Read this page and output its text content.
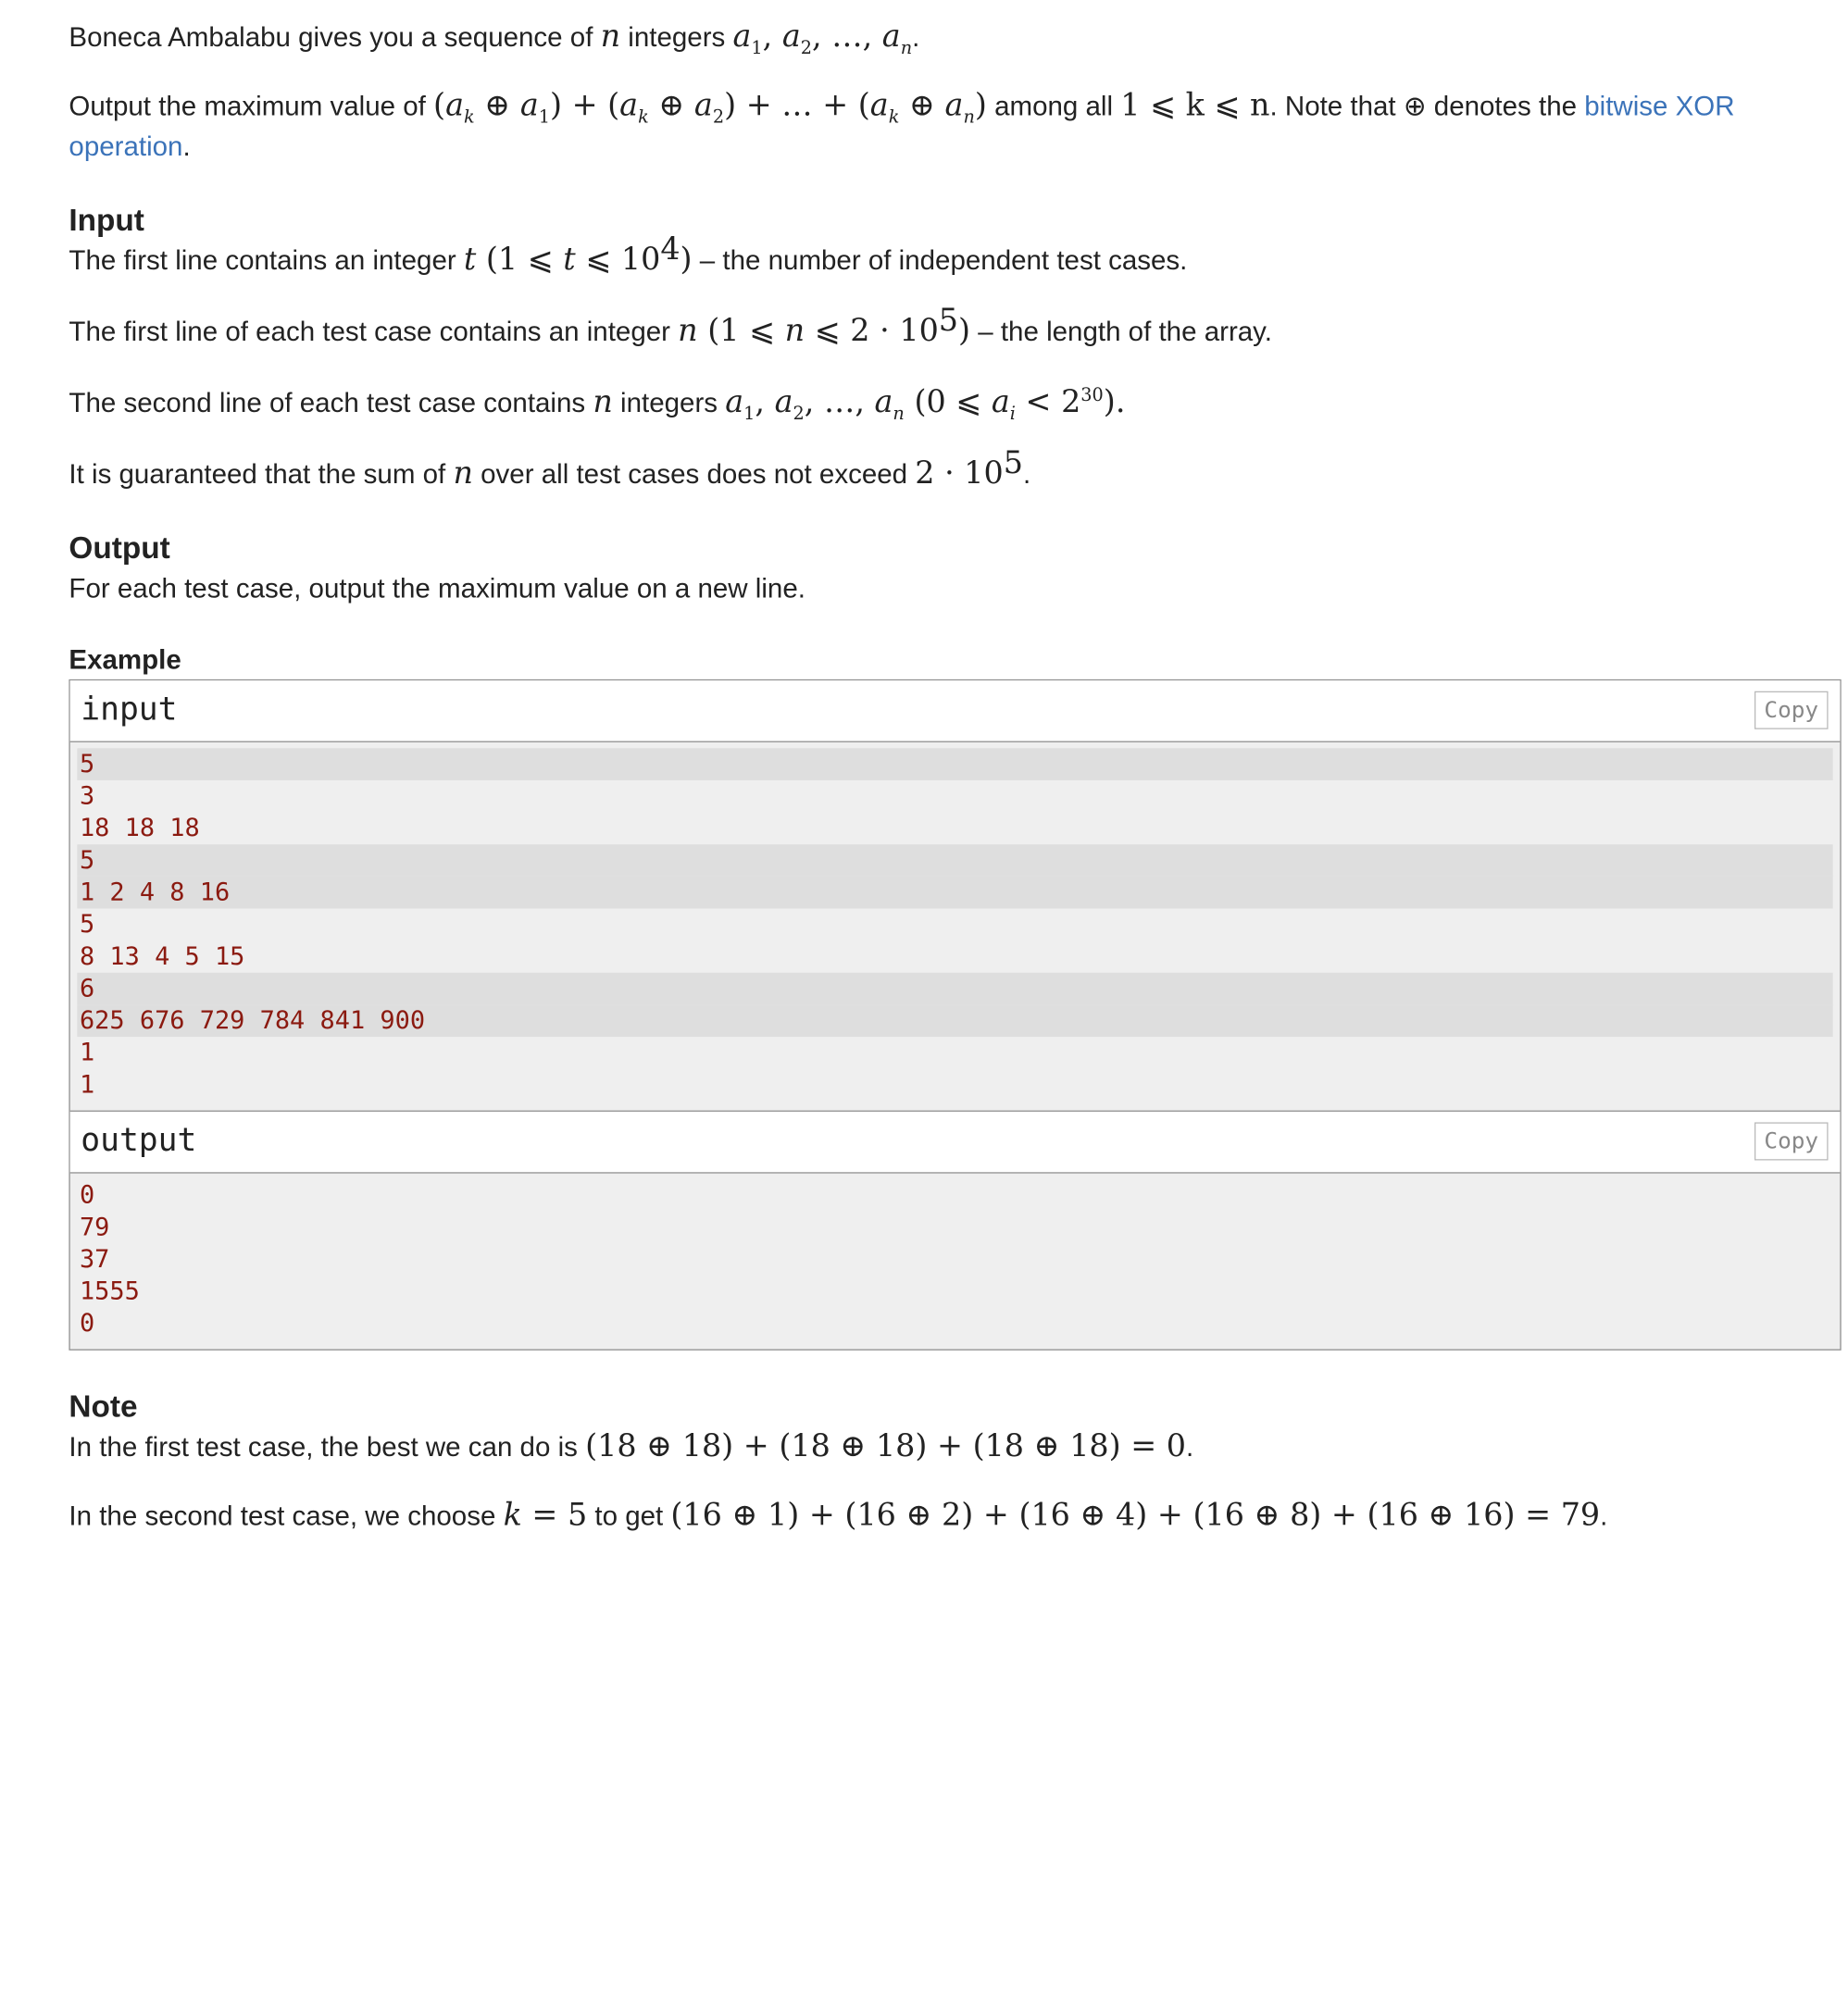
Boneca Ambalabu gives you a sequence of n integers $a_1$, $a_2$, …, $a_n$.

Output the maximum value of ($a_k$ ⊕ $a_1) + (a_k$ ⊕ $a_2$) + … + ($a_k$ ⊕ $a_n$) among all 1 ⩽ k ⩽ n. Note that ⊕ denotes the bitwise XOR operation.

Input

The first line contains an integer t (1 ⩽ t ⩽ $10^4$) – the number of independent test cases.

The first line of each test case contains an integer n (1 ⩽ n ⩽ $2 \cdot 10^5$) – the length of the array.

The second line of each test case contains n integers $a_1$, $a_2$, …, $a_n$ (0 ⩽ $a_i < 2^{30}$).

It is guaranteed that the sum of n over all test cases does not exceed $2 \cdot 10^5$.

Output

For each test case, output the maximum value on a new line.

Example
input	Copy
5
3
18 18 18
5
1 2 4 8 16
5
8 13 4 5 15
6
625 676 729 784 841 900
1
1
output	Copy
0
79
37
1555
0
Note

In the first test case, the best we can do is (18 ⊕ 18) + (18 ⊕ 18) + (18 ⊕ 18) = 0.

In the second test case, we choose k = 5 to get (16 ⊕ 1) + (16 ⊕ 2) + (16 ⊕ 4) + (16 ⊕ 8) + (16 ⊕ 16) = 79.
